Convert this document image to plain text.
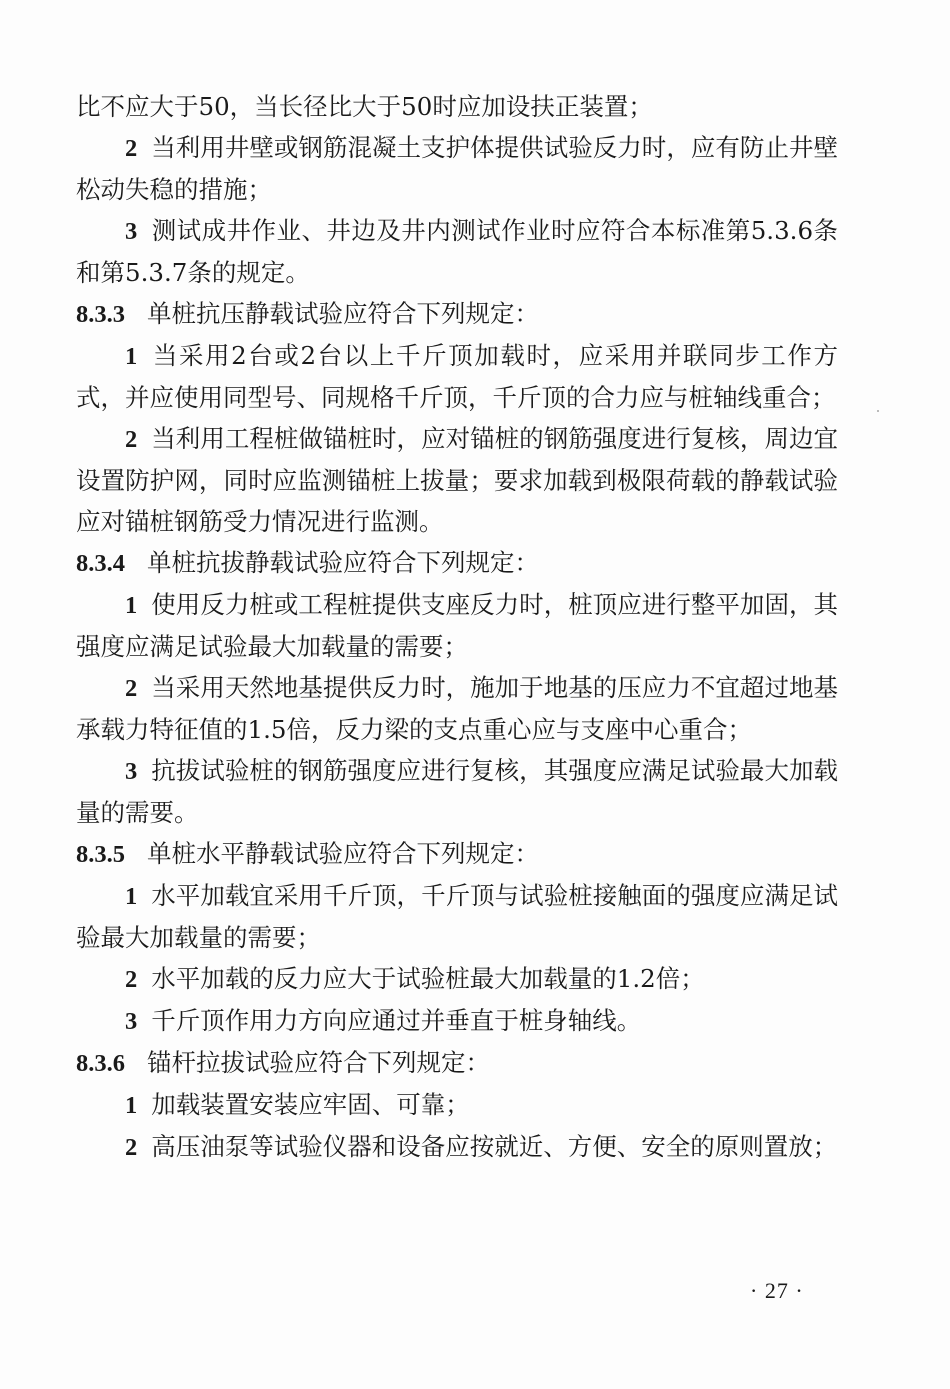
比不应大于50，当长径比大于50时应加设扶正装置；

2 当利用井壁或钢筋混凝土支护体提供试验反力时，应有防止井壁松动失稳的措施；

3 测试成井作业、井边及井内测试作业时应符合本标准第5.3.6条和第5.3.7条的规定。

8.3.3 单桩抗压静载试验应符合下列规定：

1 当采用2台或2台以上千斤顶加载时，应采用并联同步工作方式，并应使用同型号、同规格千斤顶，千斤顶的合力应与桩轴线重合；

2 当利用工程桩做锚桩时，应对锚桩的钢筋强度进行复核，周边宜设置防护网，同时应监测锚桩上拔量；要求加载到极限荷载的静载试验应对锚桩钢筋受力情况进行监测。

8.3.4 单桩抗拔静载试验应符合下列规定：

1 使用反力桩或工程桩提供支座反力时，桩顶应进行整平加固，其强度应满足试验最大加载量的需要；

2 当采用天然地基提供反力时，施加于地基的压应力不宜超过地基承载力特征值的1.5倍，反力梁的支点重心应与支座中心重合；

3 抗拔试验桩的钢筋强度应进行复核，其强度应满足试验最大加载量的需要。

8.3.5 单桩水平静载试验应符合下列规定：

1 水平加载宜采用千斤顶，千斤顶与试验桩接触面的强度应满足试验最大加载量的需要；

2 水平加载的反力应大于试验桩最大加载量的1.2倍；

3 千斤顶作用力方向应通过并垂直于桩身轴线。

8.3.6 锚杆拉拔试验应符合下列规定：

1 加载装置安装应牢固、可靠；

2 高压油泵等试验仪器和设备应按就近、方便、安全的原则置放；

· 27 ·
